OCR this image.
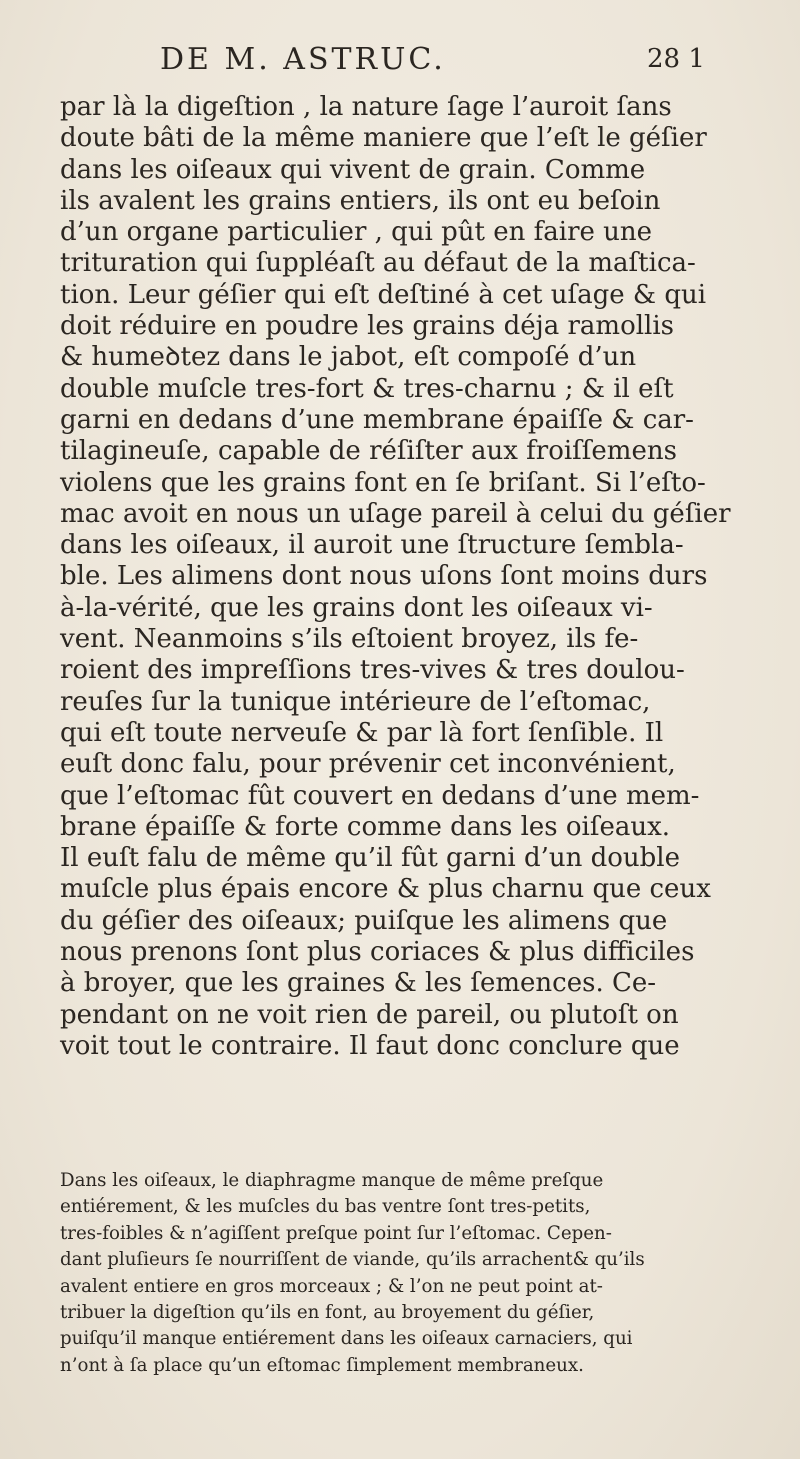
DE M. ASTRUC.	28 1
par là la digeſtion , la nature ſage l’auroit ſans
doute bâti de la même maniere que l’eſt le géſier
dans les oiſeaux qui vivent de grain. Comme
ils avalent les grains entiers, ils ont eu beſoin
d’un organe particulier , qui pût en faire une
trituration qui ſuppléaſt au défaut de la maſtica-
tion. Leur géſier qui eſt deſtiné à cet uſage & qui
doit réduire en poudre les grains déja ramollis
& humeꝺtez dans le jabot, eſt compoſé d’un
double muſcle tres-fort & tres-charnu ; & il eſt
garni en dedans d’une membrane épaiſſe & car-
tilagineuſe, capable de réſiſter aux froiſſemens
violens que les grains font en ſe briſant. Si l’eſto-
mac avoit en nous un uſage pareil à celui du géſier
dans les oiſeaux, il auroit une ſtructure ſembla-
ble. Les alimens dont nous uſons ſont moins durs
à-la-vérité, que les grains dont les oiſeaux vi-
vent. Neanmoins s’ils eſtoient broyez, ils fe-
roient des impreſſions tres-vives & tres doulou-
reuſes ſur la tunique intérieure de l’eſtomac,
qui eſt toute nerveuſe & par là fort ſenſible. Il
euſt donc falu, pour prévenir cet inconvénient,
que l’eſtomac fût couvert en dedans d’une mem-
brane épaiſſe & forte comme dans les oiſeaux.
Il euſt falu de même qu’il fût garni d’un double
muſcle plus épais encore & plus charnu que ceux
du géſier des oiſeaux; puiſque les alimens que
nous prenons ſont plus coriaces & plus difficiles
à broyer, que les graines & les ſemences. Ce-
pendant on ne voit rien de pareil, ou plutoſt on
voit tout le contraire. Il faut donc conclure que
Dans les oiſeaux, le diaphragme manque de même preſque
entiérement, & les muſcles du bas ventre ſont tres-petits,
tres-foibles & n’agiſſent preſque point ſur l’eſtomac. Cepen-
dant pluſieurs ſe nourriſſent de viande, qu’ils arrachent& qu’ils
avalent entiere en gros morceaux ; & l’on ne peut point at-
tribuer la digeſtion qu’ils en font, au broyement du géſier,
puiſqu’il manque entiérement dans les oiſeaux carnaciers, qui
n’ont à ſa place qu’un eſtomac ſimplement membraneux.
